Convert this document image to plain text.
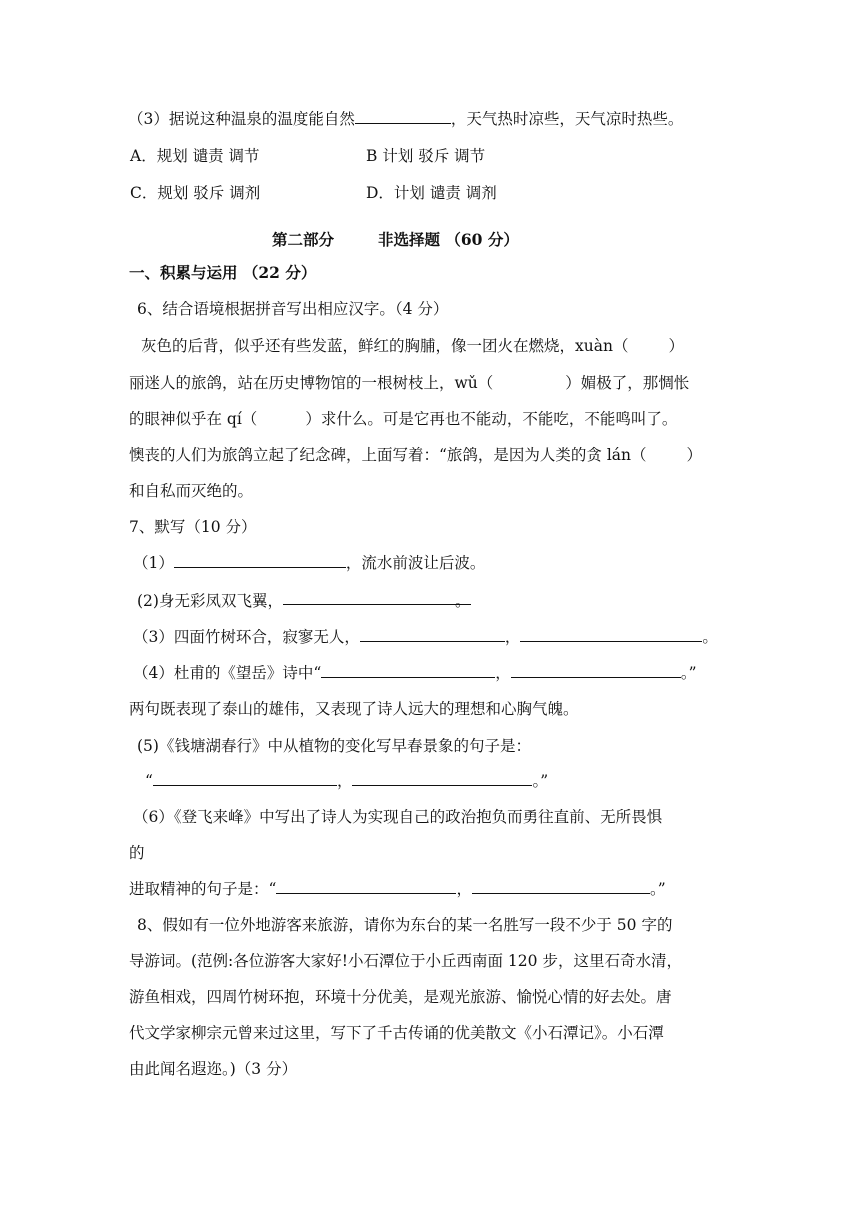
（3）据说这种温泉的温度能自然	，天气热时凉些，天气凉时热些。
A．规划 谴责 调节	B 计划 驳斥 调节
C．规划 驳斥 调剂	D．计划 谴责 调剂
第二部分	非选择题 （60 分）
一、积累与运用 （22 分）
6、结合语境根据拼音写出相应汉字。（4 分）
灰色的后背，似乎还有些发蓝，鲜红的胸脯，像一团火在燃烧，xuàn（	）
丽迷人的旅鸽，站在历史博物馆的一根树枝上，wǔ（	）媚极了，那惆怅
的眼神似乎在 qí（	）求什么。可是它再也不能动，不能吃，不能鸣叫了。
懊丧的人们为旅鸽立起了纪念碑，上面写着：“旅鸽，是因为人类的贪 lán（	）
和自私而灭绝的。
7、默写（10 分）
（1）	，流水前波让后波。
(2)身无彩凤双飞翼，	。
（3）四面竹树环合，寂寥无人，	，	。
（4）杜甫的《望岳》诗中“	，	。”
两句既表现了泰山的雄伟，又表现了诗人远大的理想和心胸气魄。
(5)《钱塘湖春行》中从植物的变化写早春景象的句子是：
“	，	。”
（6）《登飞来峰》中写出了诗人为实现自己的政治抱负而勇往直前、无所畏惧
的
进取精神的句子是：“	，	。”
8、假如有一位外地游客来旅游，请你为东台的某一名胜写一段不少于 50 字的
导游词。(范例:各位游客大家好!小石潭位于小丘西南面 120 步，这里石奇水清，
游鱼相戏，四周竹树环抱，环境十分优美，是观光旅游、愉悦心情的好去处。唐
代文学家柳宗元曾来过这里，写下了千古传诵的优美散文《小石潭记》。小石潭
由此闻名遐迩。)（3 分）
